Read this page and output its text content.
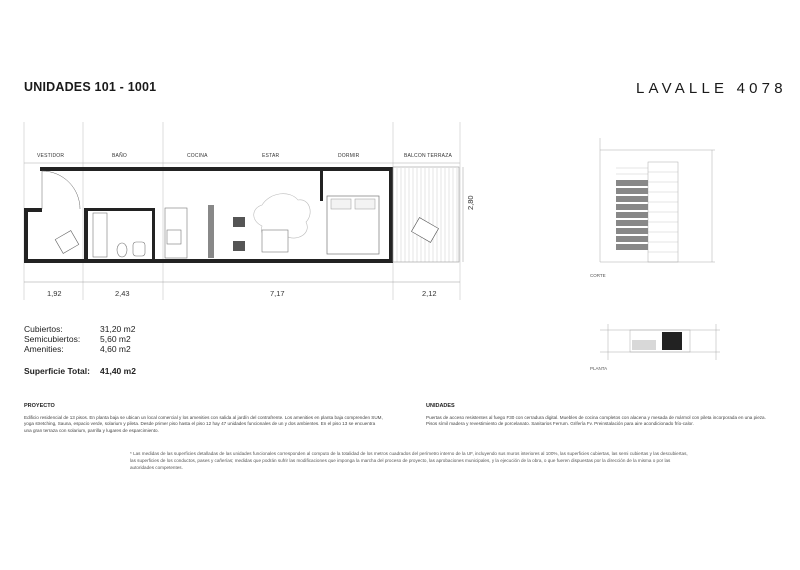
UNIDADES 101 - 1001	LAVALLE 4078
VESTIDOR	BAÑO	COCINA	ESTAR	DORMIR	BALCON TERRAZA
1,92	2,43	7,17	2,12
2,80
Cubiertos:	31,20 m2
Semicubiertos:	5,60 m2
Amenities:	4,60 m2
Superficie Total:	41,40 m2
CORTE
PLANTA
PROYECTO
Edificio residencial de 13 pisos. En planta baja se ubican un local comercial y los amenities con salida al jardín del contrafrente. Los amenities en planta baja comprenden SUM, yoga stretching, Sauna, espacio verde, solarium y pileta. Desde primer piso hasta el piso 12 hay 47 unidades funcionales de un y dos ambientes. En el piso 13 se encuentra una gran terraza con solarium, parrilla y lugares de esparcimiento.
UNIDADES
Puertas de acceso resistentes al fuego F30 con cerradura digital. Muebles de cocina completos con alacena y mesada de mármol con pileta incorporada en una pieza. Pisos símil madera y revestimiento de porcelanato. Sanitarios Ferrum. Grifería Fv. Preinstalación para aire acondicionado frío-calor.
* Las medidas de las superficies detalladas de las unidades funcionales corresponden al computo de la totalidad de los metros cuadrados del perímetro interno de la UF, incluyendo sus muros interiores al 100%, las superficies cubiertas, las semi cubiertas y las descubiertas, las superficies de los conductos, pases y cañerías; medidas que podrán sufrir las modificaciones que imponga la marcha del proceso de proyecto, las aprobaciones municipales, y la ejecución de la obra, o que fueren dispuestas por la dirección de la misma o por las autoridades competentes.
